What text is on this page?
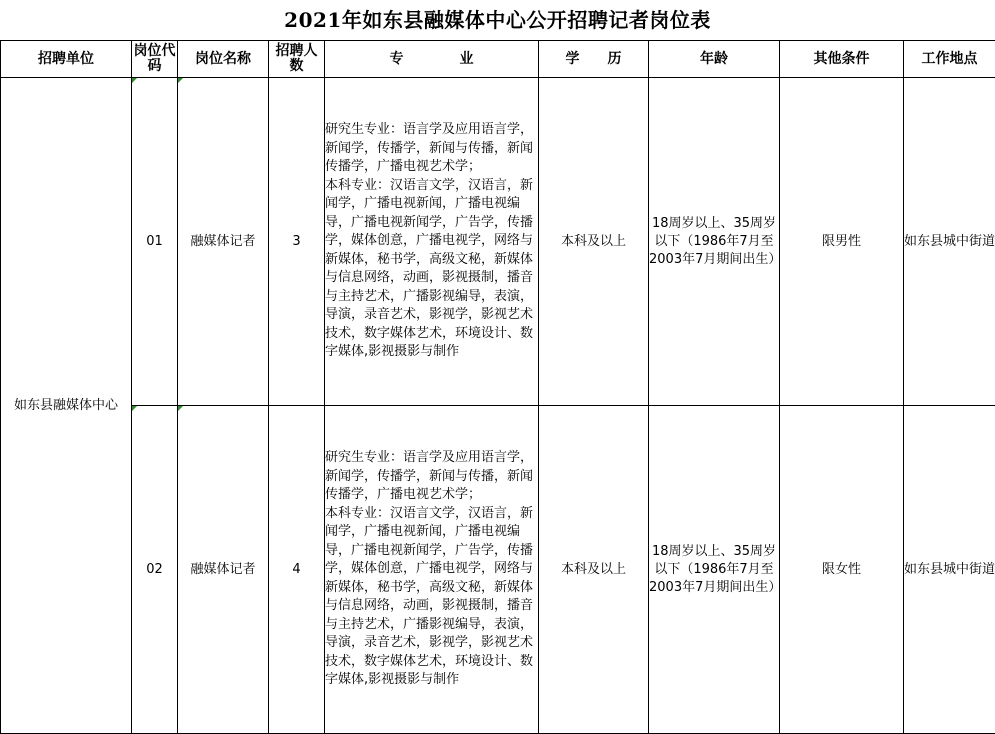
2021年如东县融媒体中心公开招聘记者岗位表
招聘单位	岗位代码	岗位名称	招聘人数	专　　　　业	学　　历	年龄	其他条件	工作地点
如东县融媒体中心	01	融媒体记者	3	研究生专业：语言学及应用语言学，新闻学，传播学，新闻与传播，新闻传播学，广播电视艺术学；　　　　　　　　　本科专业：汉语言文学，汉语言，新闻学，广播电视新闻，广播电视编导，广播电视新闻学，广告学，传播学，媒体创意，广播电视学，网络与新媒体，秘书学，高级文秘，新媒体与信息网络，动画，影视摄制，播音与主持艺术，广播影视编导，表演，导演，录音艺术，影视学，影视艺术技术，数字媒体艺术，环境设计、数字媒体,影视摄影与制作	本科及以上	18周岁以上、35周岁以下（1986年7月至2003年7月期间出生）	限男性	如东县城中街道
	02	融媒体记者	4	研究生专业：语言学及应用语言学，新闻学，传播学，新闻与传播，新闻传播学，广播电视艺术学；　　　　　　　　　本科专业：汉语言文学，汉语言，新闻学，广播电视新闻，广播电视编导，广播电视新闻学，广告学，传播学，媒体创意，广播电视学，网络与新媒体，秘书学，高级文秘，新媒体与信息网络，动画，影视摄制，播音与主持艺术，广播影视编导，表演，导演，录音艺术，影视学，影视艺术技术，数字媒体艺术，环境设计、数字媒体,影视摄影与制作	本科及以上	18周岁以上、35周岁以下（1986年7月至2003年7月期间出生）	限女性	如东县城中街道
